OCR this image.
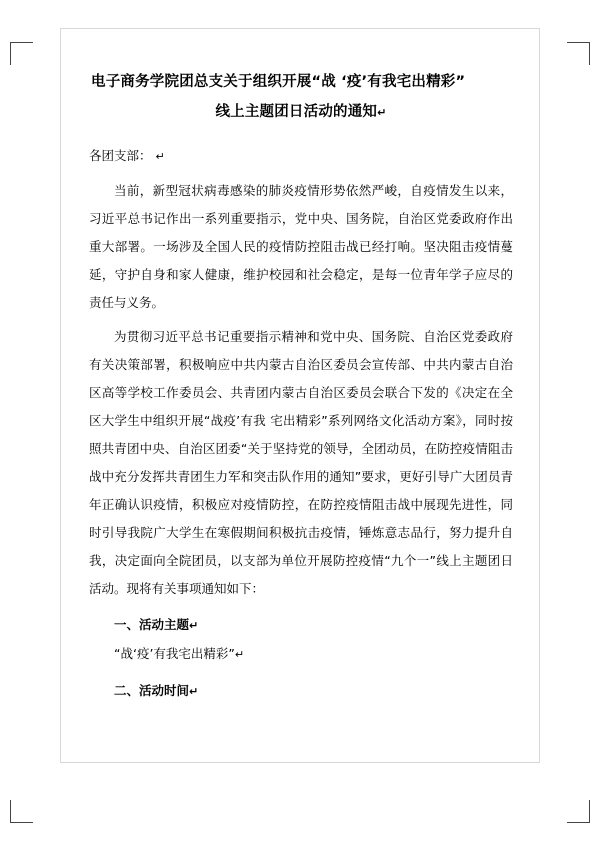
电子商务学院团总支关于组织开展“战 ‘疫’有我宅出精彩”
线上主题团日活动的通知↵
各团支部： ↵
当前，新型冠状病毒感染的肺炎疫情形势依然严峻，自疫情发生以来，习近平总书记作出一系列重要指示，党中央、国务院，自治区党委政府作出重大部署。一场涉及全国人民的疫情防控阻击战已经打响。坚决阻击疫情蔓延，守护自身和家人健康，维护校园和社会稳定，是每一位青年学子应尽的责任与义务。
为贯彻习近平总书记重要指示精神和党中央、国务院、自治区党委政府有关决策部署，积极响应中共内蒙古自治区委员会宣传部、中共内蒙古自治区高等学校工作委员会、共青团内蒙古自治区委员会联合下发的《决定在全区大学生中组织开展“战疫’有我 宅出精彩”系列网络文化活动方案》，同时按照共青团中央、自治区团委“关于坚持党的领导，全团动员，在防控疫情阻击战中充分发挥共青团生力军和突击队作用的通知”要求，更好引导广大团员青年正确认识疫情，积极应对疫情防控，在防控疫情阻击战中展现先进性，同时引导我院广大学生在寒假期间积极抗击疫情，锤炼意志品行，努力提升自我，决定面向全院团员，以支部为单位开展防控疫情“九个一”线上主题团日活动。现将有关事项通知如下：
一、活动主题↵
“战‘疫’有我宅出精彩”↵
二、活动时间↵
